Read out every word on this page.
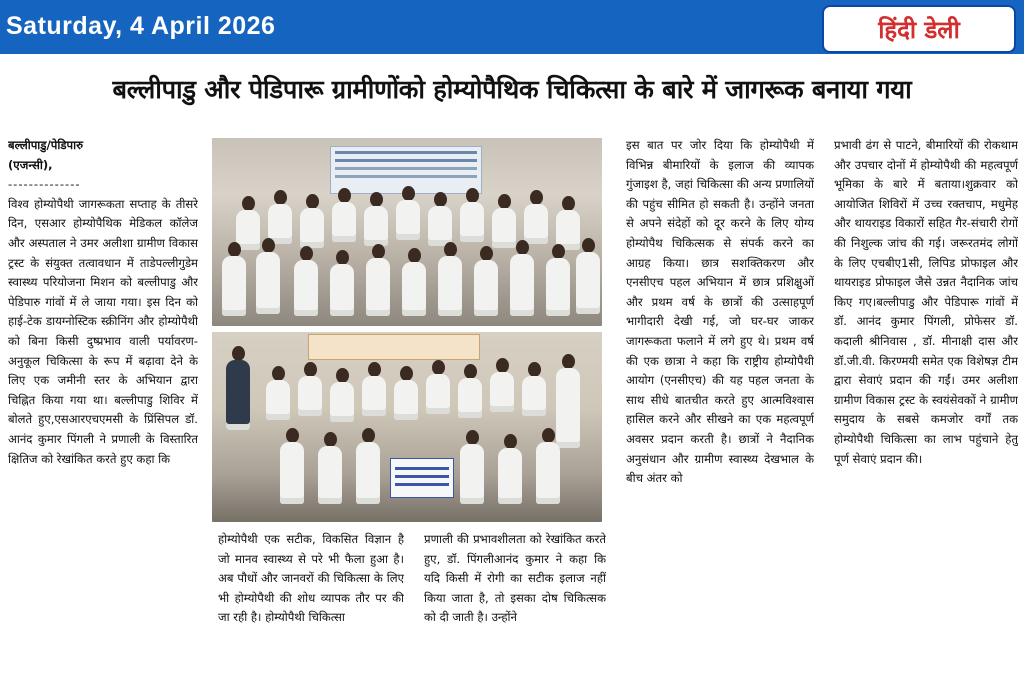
Saturday, 4 April 2026	हिंदी डेली
बल्लीपाडु और पेडिपारू ग्रामीणोंको होम्योपैथिक चिकित्सा के बारे में जागरूक बनाया गया

बल्लीपाडु/पेडिपारु

(एजन्सी),

--------------

विश्व होम्योपैथी जागरूकता सप्ताह के तीसरे दिन, एसआर होम्योपैथिक मेडिकल कॉलेज और अस्पताल ने उमर अलीशा ग्रामीण विकास ट्रस्ट के संयुक्त तत्वावधान में ताडेपल्लीगुडेम स्वास्थ्य परियोजना मिशन को बल्लीपाडु और पेडिपारु गांवों में ले जाया गया। इस दिन को हाई-टेक डायग्नोस्टिक स्क्रीनिंग और होम्योपैथी को बिना किसी दुष्प्रभाव वाली पर्यावरण-अनुकूल चिकित्सा के रूप में बढ़ावा देने के लिए एक जमीनी स्तर के अभियान द्वारा चिह्नित किया गया था। बल्लीपाडु शिविर में बोलते हुए,एसआरएचएमसी के प्रिंसिपल डॉ. आनंद कुमार पिंगली ने प्रणाली के विस्तारित क्षितिज को रेखांकित करते हुए कहा कि

होम्योपैथी एक सटीक, विकसित विज्ञान है जो मानव स्वास्थ्य से परे भी फैला हुआ है। अब पौधों और जानवरों की चिकित्सा के लिए भी होम्योपैथी की शोध व्यापक तौर पर की जा रही है। होम्योपैथी चिकित्सा

प्रणाली की प्रभावशीलता को रेखांकित करते हुए, डॉ. पिंगलीआनंद कुमार ने कहा कि यदि किसी में रोगी का सटीक इलाज नहीं किया जाता है, तो इसका दोष चिकित्सक को दी जाती है। उन्होंने

इस बात पर जोर दिया कि होम्योपैथी में विभिन्न बीमारियों के इलाज की व्यापक गुंजाइश है, जहां चिकित्सा की अन्य प्रणालियों की पहुंच सीमित हो सकती है। उन्होंने जनता से अपने संदेहों को दूर करने के लिए योग्य होम्योपैथ चिकित्सक से संपर्क करने का आग्रह किया। छात्र सशक्तिकरण और एनसीएच पहल अभियान में छात्र प्रशिक्षुओं और प्रथम वर्ष के छात्रों की उत्साहपूर्ण भागीदारी देखी गई, जो घर-घर जाकर जागरूकता फलाने में लगे हुए थे। प्रथम वर्ष की एक छात्रा ने कहा कि राष्ट्रीय होम्योपैथी आयोग (एनसीएच) की यह पहल जनता के साथ सीधे बातचीत करते हुए आत्मविश्वास हासिल करने और सीखने का एक महत्वपूर्ण अवसर प्रदान करती है। छात्रों ने नैदानिक अनुसंधान और ग्रामीण स्वास्थ्य देखभाल के बीच अंतर को

प्रभावी ढंग से पाटने, बीमारियों की रोकथाम और उपचार दोनों में होम्योपैथी की महत्वपूर्ण भूमिका के बारे में बताया।शुक्रवार को आयोजित शिविरों में उच्च रक्तचाप, मधुमेह और थायराइड विकारों सहित गैर-संचारी रोगों की निशुल्क जांच की गई। जरूरतमंद लोगों के लिए एचबीए1सी, लिपिड प्रोफाइल और थायराइड प्रोफाइल जैसे उन्नत नैदानिक जांच किए गए।बल्लीपाडु और पेडिपारू गांवों में डॉ. आनंद कुमार पिंगली, प्रोफेसर डॉ. कदाली श्रीनिवास , डॉ. मीनाक्षी दास और डॉ.जी.वी. किरण्मयी समेत एक विशेषज्ञ टीम द्वारा सेवाएं प्रदान की गईं। उमर अलीशा ग्रामीण विकास ट्रस्ट के स्वयंसेवकों ने ग्रामीण समुदाय के सबसे कमजोर वर्गों तक होम्योपैथी चिकित्सा का लाभ पहुंचाने हेतु पूर्ण सेवाएं प्रदान की।
